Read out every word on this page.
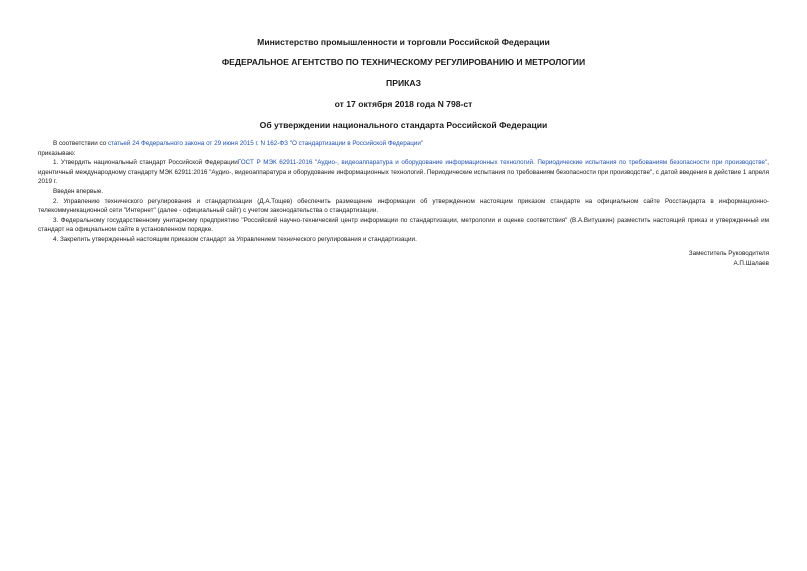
Министерство промышленности и торговли Российской Федерации

ФЕДЕРАЛЬНОЕ АГЕНТСТВО ПО ТЕХНИЧЕСКОМУ РЕГУЛИРОВАНИЮ И МЕТРОЛОГИИ

ПРИКАЗ

от 17 октября 2018 года N 798-ст

Об утверждении национального стандарта Российской Федерации

В соответствии со статьей 24 Федерального закона от 29 июня 2015 г. N 162-ФЗ "О стандартизации в Российской Федерации"

приказываю:

1. Утвердить национальный стандарт Российской ФедерацииГОСТ Р МЭК 62911-2016 "Аудио-, видеоаппаратура и оборудование информационных технологий. Периодические испытания по требованиям безопасности при производстве", идентичный международному стандарту МЭК 62911:2016 "Аудио-, видеоаппаратура и оборудование информационных технологий. Периодические испытания по требованиям безопасности при производстве", с датой введения в действие 1 апреля 2019 г.

Введен впервые.

2. Управлению технического регулирования и стандартизации (Д.А.Тощев) обеспечить размещение информации об утвержденном настоящим приказом стандарте на официальном сайте Росстандарта в информационно-телекоммуникационной сети "Интернет" (далее - официальный сайт) с учетом законодательства о стандартизации.

3. Федеральному государственному унитарному предприятию "Российский научно-технический центр информации по стандартизации, метрологии и оценке соответствия" (В.А.Витушкин) разместить настоящий приказ и утвержденный им стандарт на официальном сайте в установленном порядке.

4. Закрепить утвержденный настоящим приказом стандарт за Управлением технического регулирования и стандартизации.

Заместитель Руководителя
А.П.Шалаев
